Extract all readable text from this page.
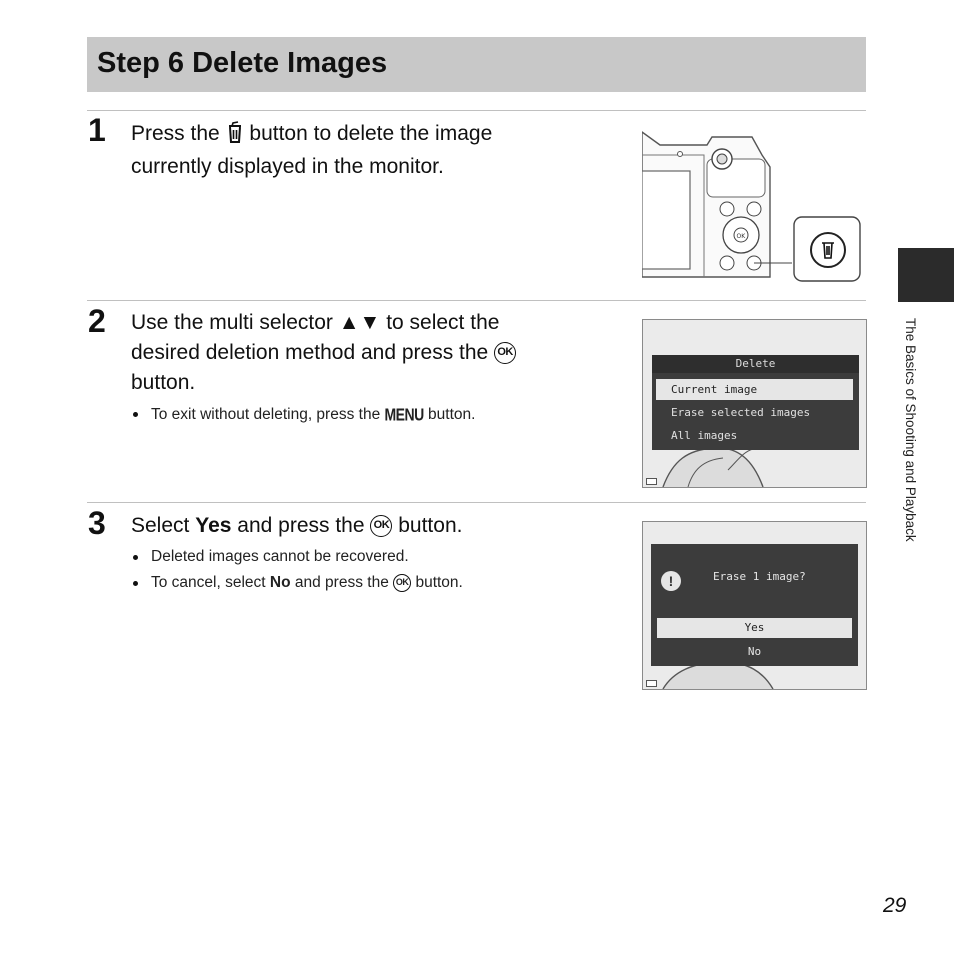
Step 6 Delete Images
1 Press the button to delete the image currently displayed in the monitor.
OK
2 Use the multi selector ▲▼ to select the desired deletion method and press the OK button.
To exit without deleting, press the MENU button.
Delete
Current image
Erase selected images
All images
3 Select Yes and press the OK button.
Deleted images cannot be recovered.
To cancel, select No and press the OK button.	!	Erase 1 image?
Yes
No
The Basics of Shooting and Playback
29
